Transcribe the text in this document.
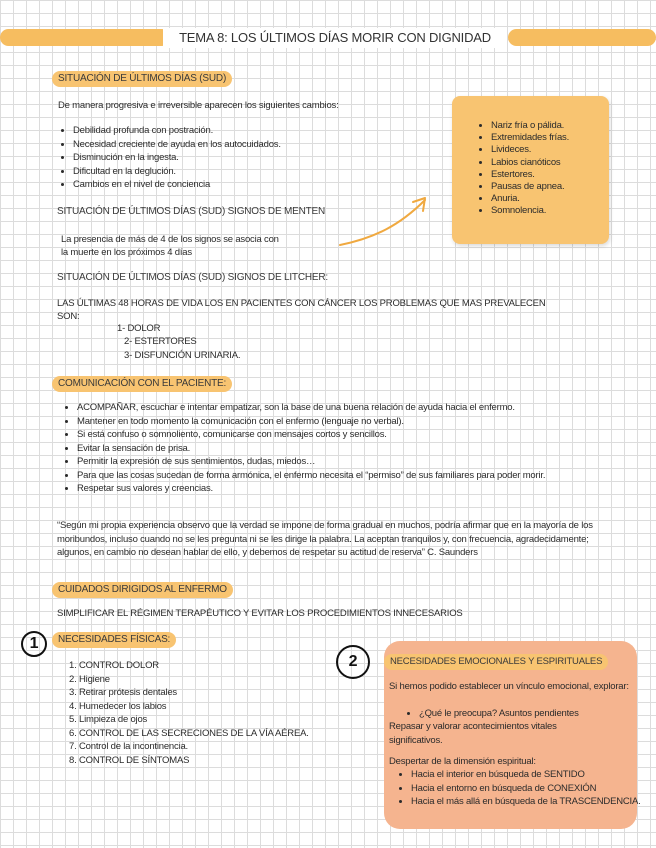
TEMA 8: LOS ÚLTIMOS DÍAS MORIR CON DIGNIDAD
SITUACIÓN DE ÚLTIMOS DÍAS (SUD)
De manera progresiva e irreversible aparecen los siguientes cambios:
• Debilidad profunda con postración.
• Necesidad creciente de ayuda en los autocuidados.
• Disminución en la ingesta.
• Dificultad en la deglución.
• Cambios en el nivel de conciencia
SITUACIÓN DE ÚLTIMOS DÍAS (SUD) SIGNOS DE MENTEN
La presencia de más de 4 de los signos se asocia con
la muerte en los próximos 4 días
• Nariz fría o pálida.
• Extremidades frías.
• Livideces.
• Labios cianóticos
• Estertores.
• Pausas de apnea.
• Anuria.
• Somnolencia.
SITUACIÓN DE ÚLTIMOS DÍAS (SUD) SIGNOS DE LITCHER:
LAS ÚLTIMAS 48 HORAS DE VIDA LOS EN PACIENTES CON CÁNCER LOS PROBLEMAS QUE MAS PREVALECEN
SON:
1- DOLOR
2- ESTERTORES
3- DISFUNCIÓN URINARIA.
COMUNICACIÓN CON EL PACIENTE:
• ACOMPAÑAR, escuchar e intentar empatizar, son la base de una buena relación de ayuda hacia el enfermo.
• Mantener en todo momento la comunicación con el enfermo (lenguaje no verbal).
• Si está confuso o somnoliento, comunicarse con mensajes cortos y sencillos.
• Evitar la sensación de prisa.
• Permitir la expresión de sus sentimientos, dudas, miedos…
• Para que las cosas sucedan de forma armónica, el enfermo necesita el “permiso” de sus familiares para poder morir.
• Respetar sus valores y creencias.
“Según mi propia experiencia observo que la verdad se impone de forma gradual en muchos, podría afirmar que en la mayoría de los moribundos, incluso cuando no se les pregunta ni se les dirige la palabra. La aceptan tranquilos y, con frecuencia, agradecidamente; algunos, en cambio no desean hablar de ello, y debemos de respetar su actitud de reserva” C. Saunders
CUIDADOS DIRIGIDOS AL ENFERMO
SIMPLIFICAR EL RÉGIMEN TERAPÉUTICO Y EVITAR LOS PROCEDIMIENTOS INNECESARIOS
1	NECESIDADES FÍSICAS:
1. CONTROL DOLOR
2. Higiene
3. Retirar prótesis dentales
4. Humedecer los labios
5. Limpieza de ojos
6. CONTROL DE LAS SECRECIONES DE LA VÍA AÉREA.
7. Control de la incontinencia.
8. CONTROL DE SÍNTOMAS
2	NECESIDADES EMOCIONALES Y ESPIRITUALES
Si hemos podido establecer un vínculo emocional, explorar:
• ¿Qué le preocupa? Asuntos pendientes
Repasar y valorar acontecimientos vitales significativos.
Despertar de la dimensión espiritual:
• Hacia el interior en búsqueda de SENTIDO
• Hacia el entorno en búsqueda de CONEXIÓN
• Hacia el más allá en búsqueda de la TRASCENDENCIA.
